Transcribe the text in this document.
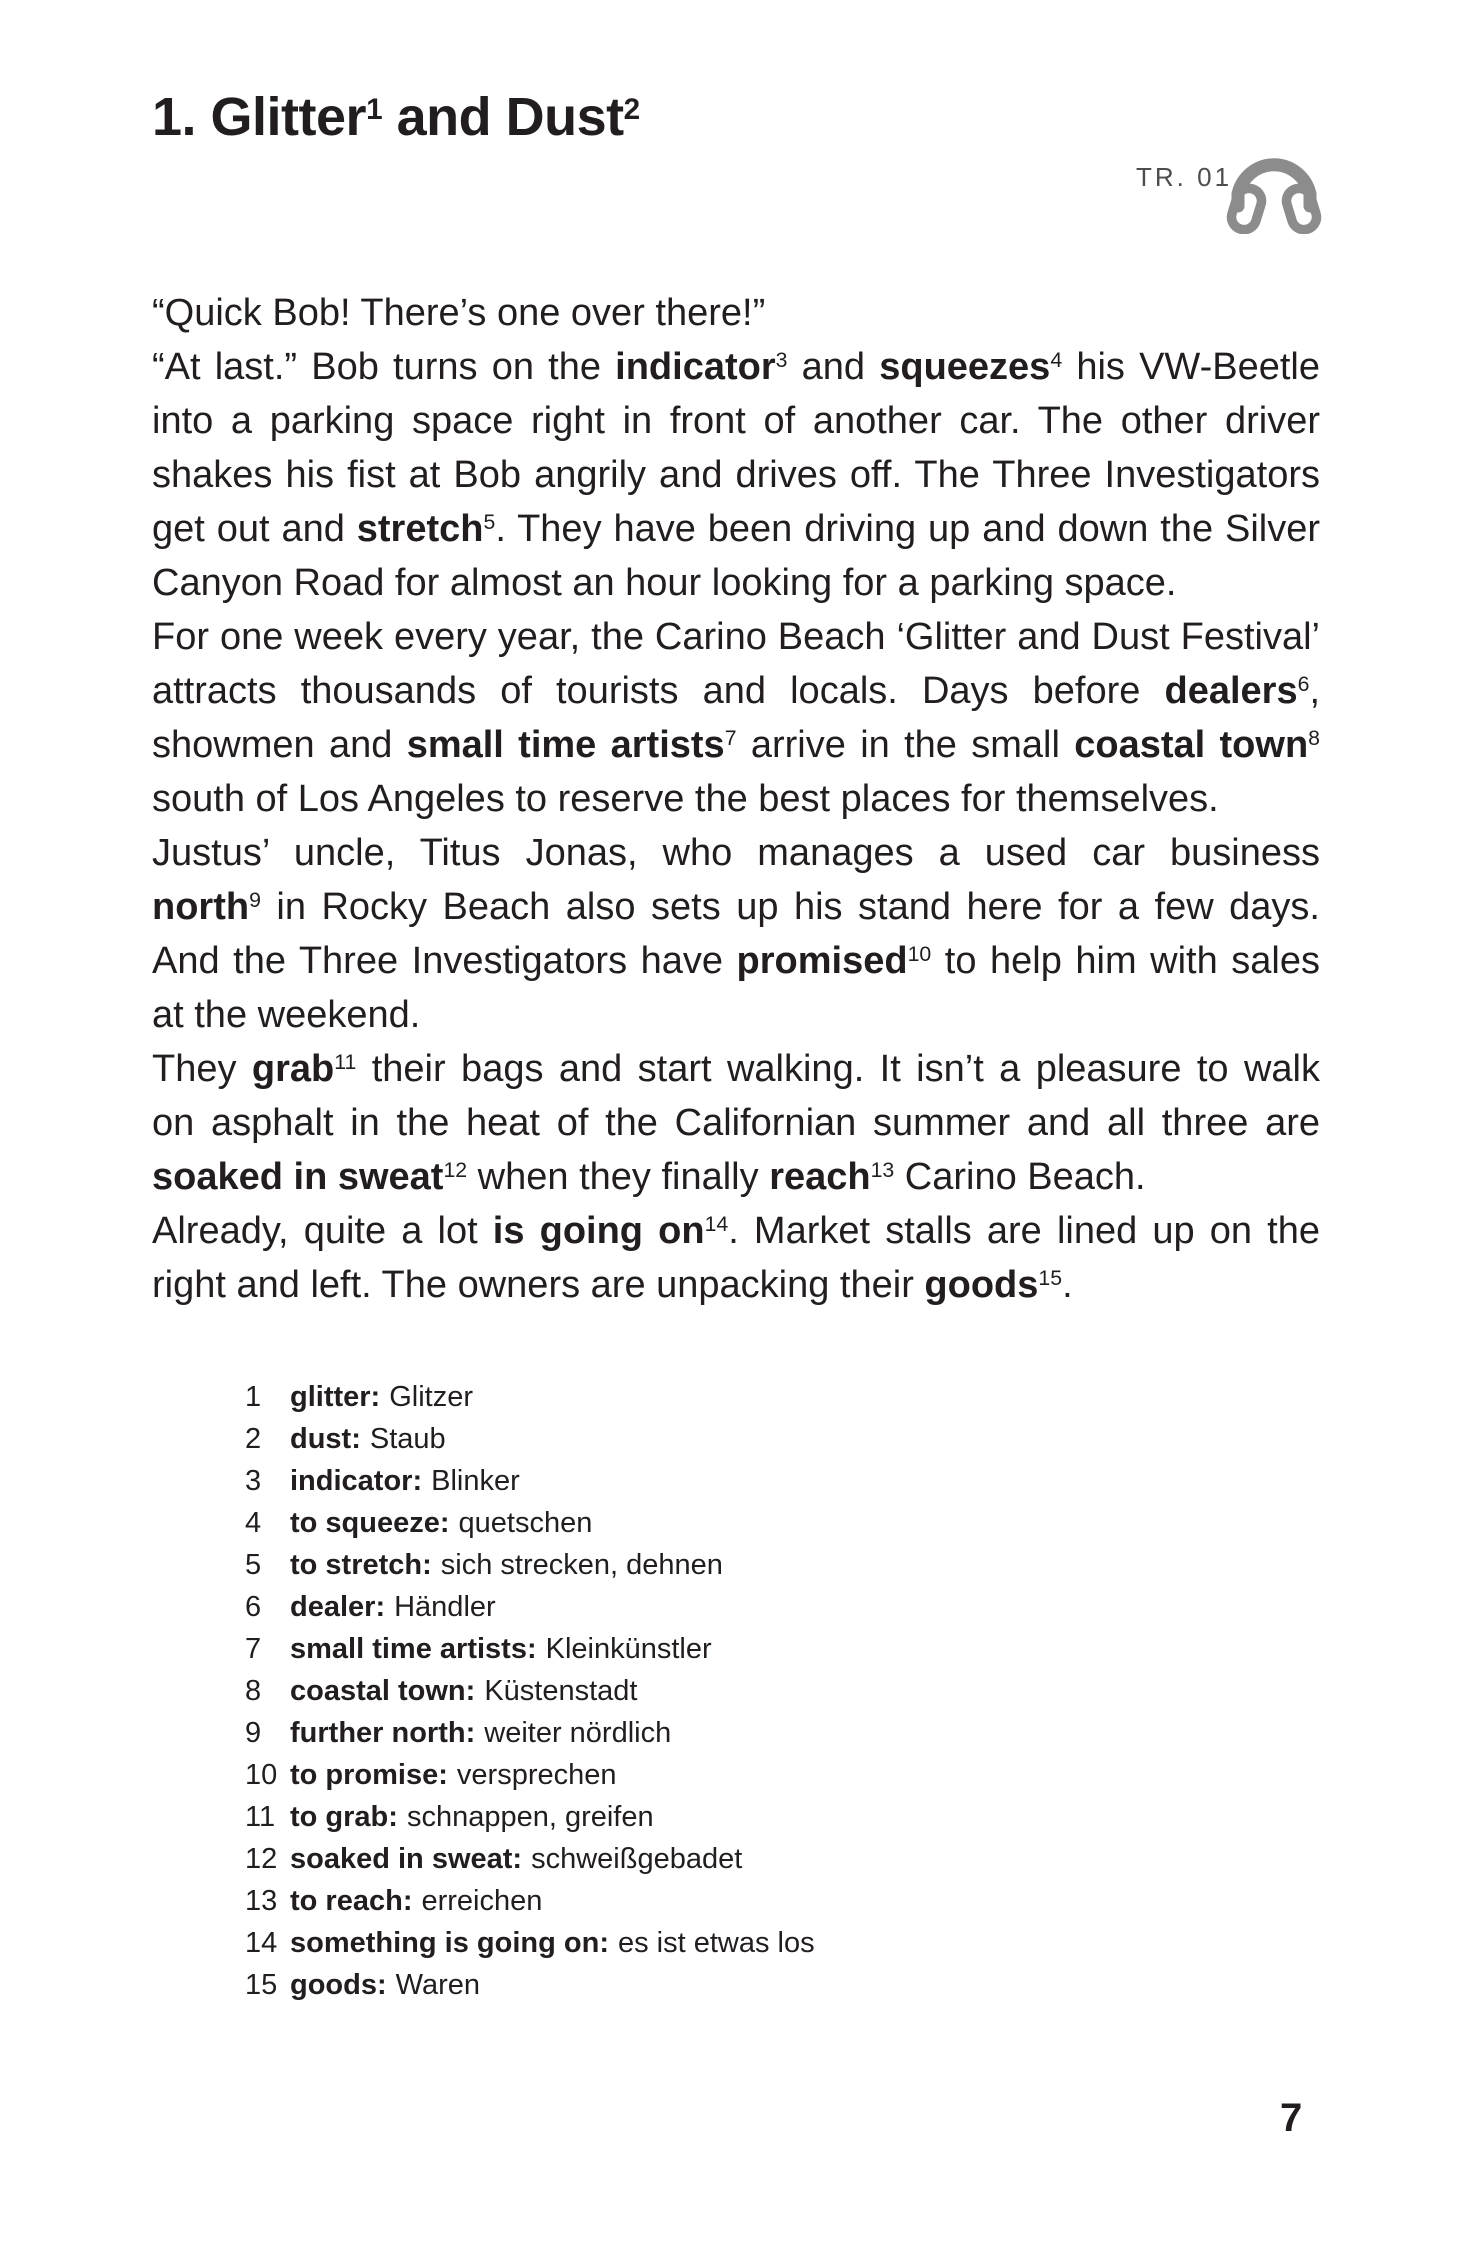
1. Glitter$^1$ and Dust$^2$
TR. 01
“Quick Bob! There’s one over there!”
“At last.” Bob turns on the indicator$^3$ and squeezes$^4$ his VW-Beetle
into a parking space right in front of another car. The other driver
shakes his fist at Bob angrily and drives off. The Three Investigators
get out and stretch$^5$. They have been driving up and down the Silver
Canyon Road for almost an hour looking for a parking space.
For one week every year, the Carino Beach ‘Glitter and Dust Festival’
attracts thousands of tourists and locals. Days before dealers$^6$,
showmen and small time artists$^7$ arrive in the small coastal town$^8$
south of Los Angeles to reserve the best places for themselves.
Justus’ uncle, Titus Jonas, who manages a used car business
north$^9$ in Rocky Beach also sets up his stand here for a few days.
And the Three Investigators have promised$^{10}$ to help him with sales
at the weekend.
They grab$^{11}$ their bags and start walking. It isn’t a pleasure to walk
on asphalt in the heat of the Californian summer and all three are
soaked in sweat$^{12}$ when they finally reach$^{13}$ Carino Beach.
Already, quite a lot is going $on^{14}$. Market stalls are lined up on the
right and left. The owners are unpacking their goods$^{15}$.
1 glitter: Glitzer
2 dust: Staub
3 indicator: Blinker
4 to squeeze: quetschen
5 to stretch: sich strecken, dehnen
6 dealer: Händler
7 small time artists: Kleinkünstler
8 coastal town: Küstenstadt
9 further north: weiter nördlich
10 to promise: versprechen
11 to grab: schnappen, greifen
12 soaked in sweat: schweißgebadet
13 to reach: erreichen
14 something is going on: es ist etwas los
15 goods: Waren
7
